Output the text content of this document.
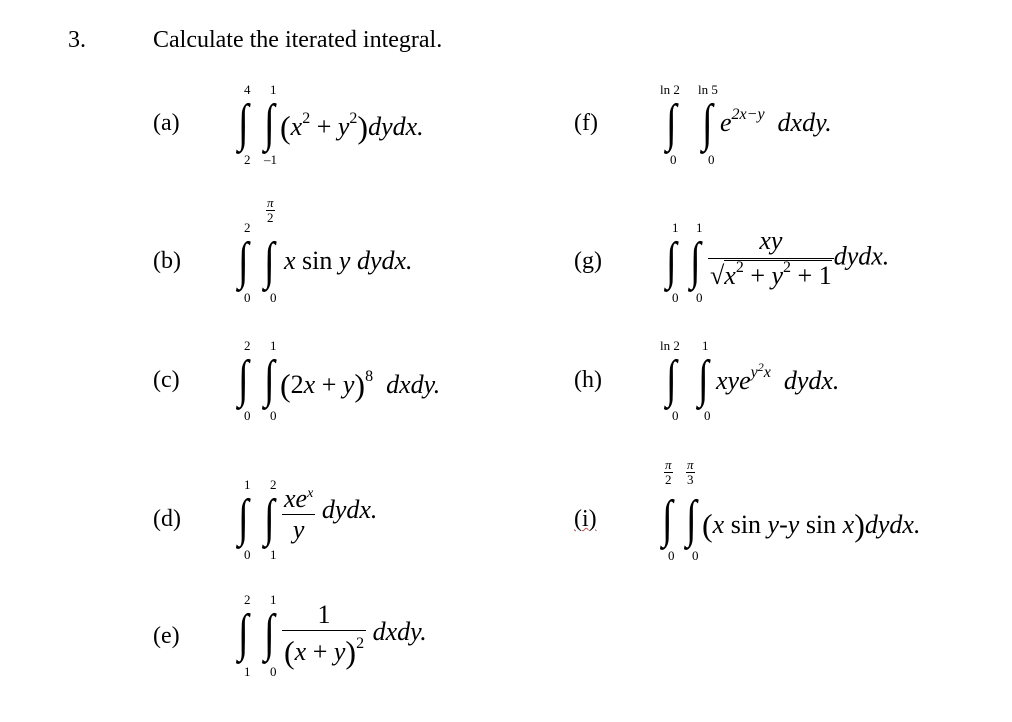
3.	Calculate the iterated integral.
(a)
4
∫
2
1
∫
–1
($x^2$ + $y^2)dydx$.
(b)
2
∫
0
π
2
∫
0
x sin y dydx.
(c)
2
∫
0
1
∫
0
$(2x + y)^8$ dxdy.
(d)
1
∫
0
2
∫
1
$\frac{xe^x}{y}$ dydx.
(e)
2
∫
1
1
∫
0
$\frac{1}{(x + y)^2}$ dxdy.
(f)
ln 2
∫
0
ln 5
∫
0
$e^{2x-y}$ dxdy.
(g)
1
∫
0
1
∫
0
$\frac{xy}{√x^2 + y^2 + 1}$ dydx.
(h)
ln 2
∫
0
1
∫
0
xye$^{y^2x}$ dydx.
(i)
π
2
∫
0
π
3
∫
0
(x sin y-y sin x)dydx.
